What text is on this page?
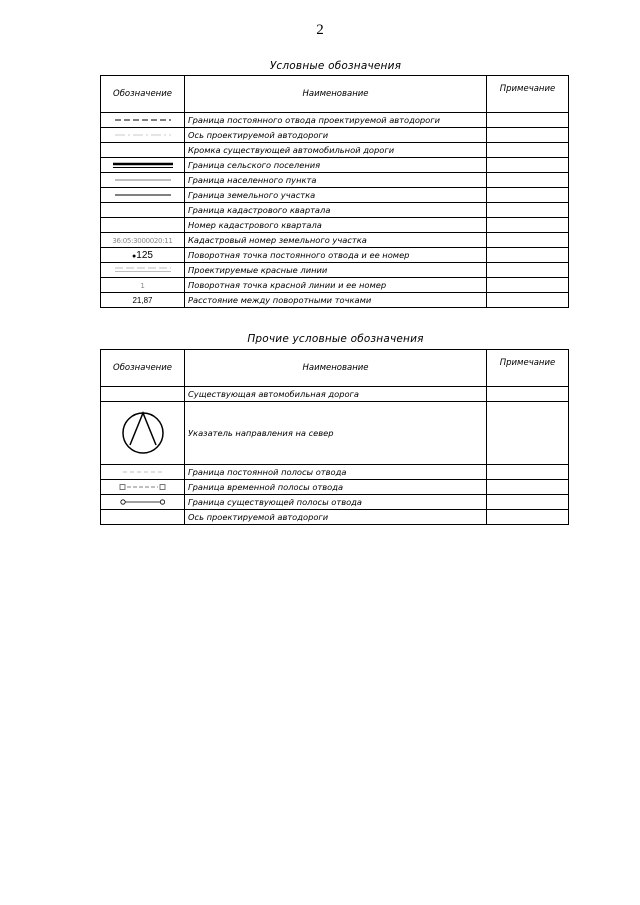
2
Условные обозначения
Обозначение	Наименование	Примечание

	Граница постоянного отвода проектируемой автодороги	

	Ось проектируемой автодороги	
	Кромка существующей автомобильной дороги	

	Граница сельского поселения	

	Граница населенного пункта	

	Граница земельного участка	
	Граница кадастрового квартала	
	Номер кадастрового квартала	
36:05:3000020:11	Кадастровый номер земельного участка	
●125	Поворотная точка постоянного отвода и ее номер	

	Проектируемые красные линии	
1	Поворотная точка красной линии и ее номер	
21,87	Расстояние между поворотными точками	
Прочие условные обозначения
Обозначение	Наименование	Примечание
	Существующая автомобильная дорога	

	Указатель направления на север	

	Граница постоянной полосы отвода	

	Граница временной полосы отвода	

	Граница существующей полосы отвода	
	Ось проектируемой автодороги	
